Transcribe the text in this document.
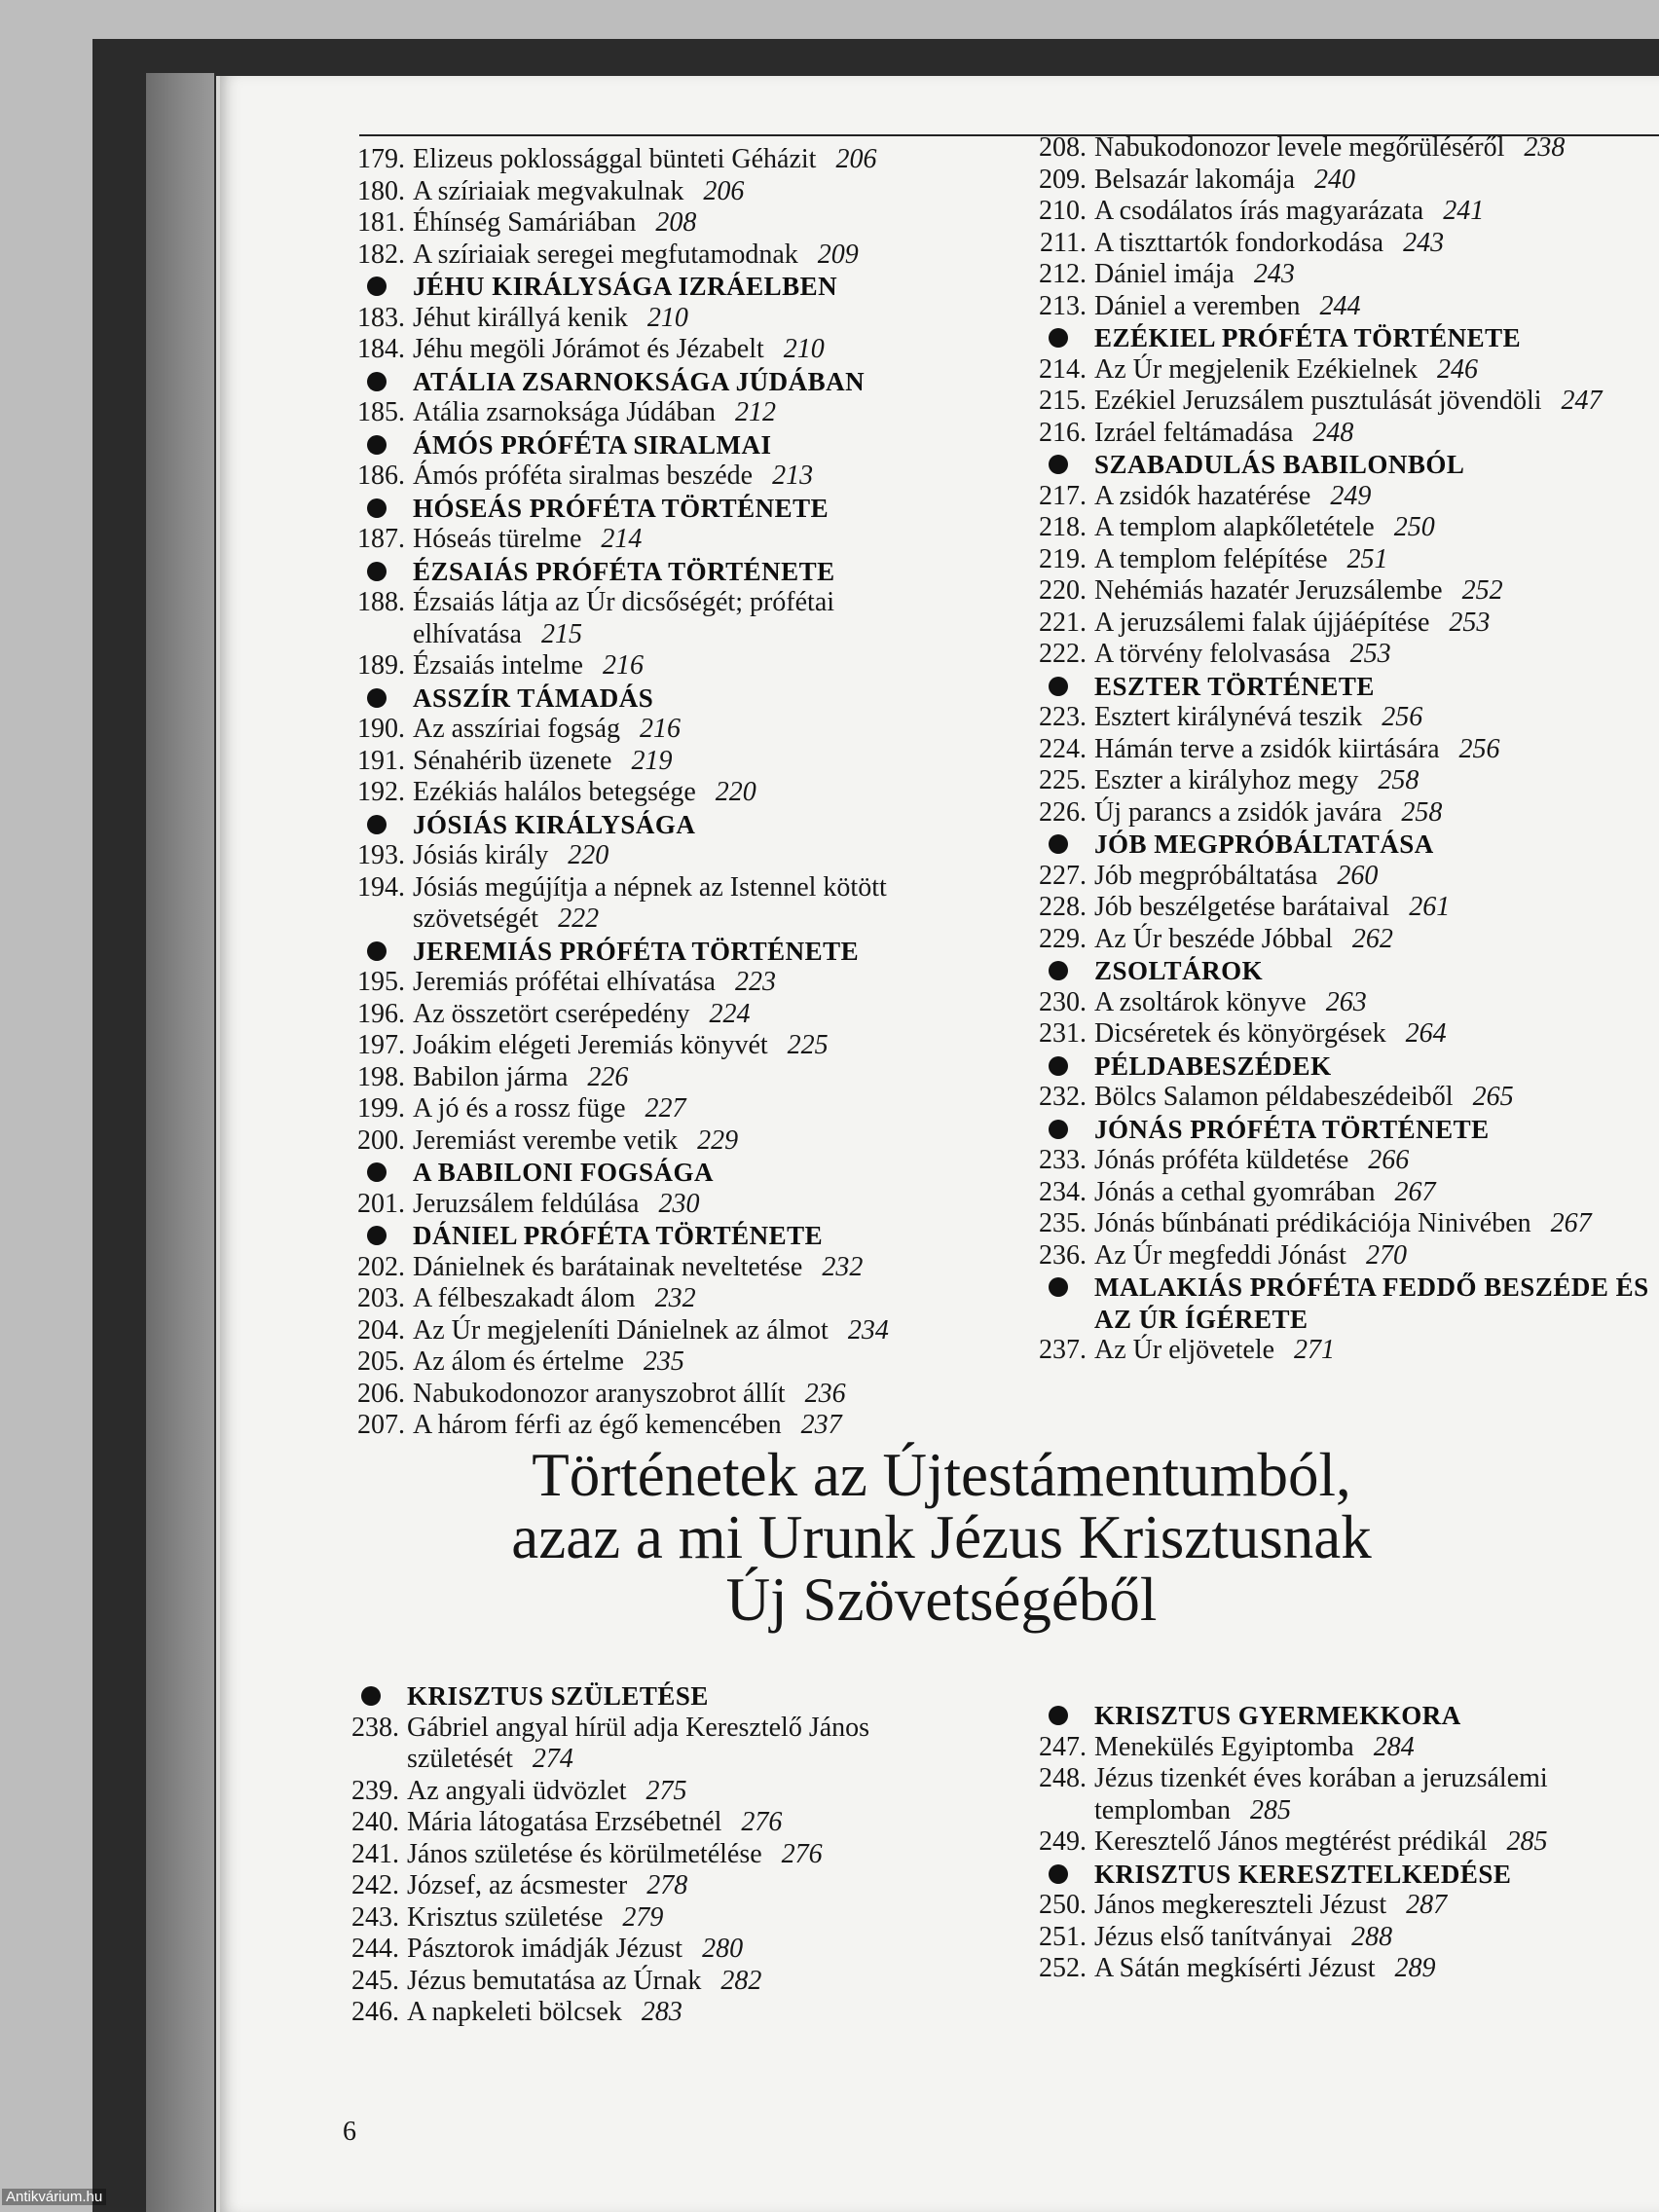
179. Elizeus poklossággal bünteti Géházit 206
180. A szíriaiak megvakulnak 206
181. Éhínség Samáriában 208
182. A szíriaiak seregei megfutamodnak 209
JÉHU KIRÁLYSÁGA IZRÁELBEN
183. Jéhut királlyá kenik 210
184. Jéhu megöli Jórámot és Jézabelt 210
ATÁLIA ZSARNOKSÁGA JÚDÁBAN
185. Atália zsarnoksága Júdában 212
ÁMÓS PRÓFÉTA SIRALMAI
186. Ámós próféta siralmas beszéde 213
HÓSEÁS PRÓFÉTA TÖRTÉNETE
187. Hóseás türelme 214
ÉZSAIÁS PRÓFÉTA TÖRTÉNETE
188. Ézsaiás látja az Úr dicsőségét; prófétai elhívatása 215
189. Ézsaiás intelme 216
ASSZÍR TÁMADÁS
190. Az asszíriai fogság 216
191. Sénahérib üzenete 219
192. Ezékiás halálos betegsége 220
JÓSIÁS KIRÁLYSÁGA
193. Jósiás király 220
194. Jósiás megújítja a népnek az Istennel kötött szövetségét 222
JEREMIÁS PRÓFÉTA TÖRTÉNETE
195. Jeremiás prófétai elhívatása 223
196. Az összetört cserépedény 224
197. Joákim elégeti Jeremiás könyvét 225
198. Babilon járma 226
199. A jó és a rossz füge 227
200. Jeremiást verembe vetik 229
A BABILONI FOGSÁGA
201. Jeruzsálem feldúlása 230
DÁNIEL PRÓFÉTA TÖRTÉNETE
202. Dánielnek és barátainak neveltetése 232
203. A félbeszakadt álom 232
204. Az Úr megjeleníti Dánielnek az álmot 234
205. Az álom és értelme 235
206. Nabukodonozor aranyszobrot állít 236
207. A három férfi az égő kemencében 237
208. Nabukodonozor levele megőrüléséről 238
209. Belsazár lakomája 240
210. A csodálatos írás magyarázata 241
211. A tiszttartók fondorkodása 243
212. Dániel imája 243
213. Dániel a veremben 244
EZÉKIEL PRÓFÉTA TÖRTÉNETE
214. Az Úr megjelenik Ezékielnek 246
215. Ezékiel Jeruzsálem pusztulását jövendöli 247
216. Izráel feltámadása 248
SZABADULÁS BABILONBÓL
217. A zsidók hazatérése 249
218. A templom alapkőletétele 250
219. A templom felépítése 251
220. Nehémiás hazatér Jeruzsálembe 252
221. A jeruzsálemi falak újjáépítése 253
222. A törvény felolvasása 253
ESZTER TÖRTÉNETE
223. Esztert királynévá teszik 256
224. Hámán terve a zsidók kiirtására 256
225. Eszter a királyhoz megy 258
226. Új parancs a zsidók javára 258
JÓB MEGPRÓBÁLTATÁSA
227. Jób megpróbáltatása 260
228. Jób beszélgetése barátaival 261
229. Az Úr beszéde Jóbbal 262
ZSOLTÁROK
230. A zsoltárok könyve 263
231. Dicséretek és könyörgések 264
PÉLDABESZÉDEK
232. Bölcs Salamon példabeszédeiből 265
JÓNÁS PRÓFÉTA TÖRTÉNETE
233. Jónás próféta küldetése 266
234. Jónás a cethal gyomrában 267
235. Jónás bűnbánati prédikációja Ninivében 267
236. Az Úr megfeddi Jónást 270
MALAKIÁS PRÓFÉTA FEDDŐ BESZÉDE ÉS AZ ÚR ÍGÉRETE
237. Az Úr eljövetele 271
Történetek az Újtestámentumból,
azaz a mi Urunk Jézus Krisztusnak
Új Szövetségéből
KRISZTUS SZÜLETÉSE
238. Gábriel angyal hírül adja Keresztelő János születését 274
239. Az angyali üdvözlet 275
240. Mária látogatása Erzsébetnél 276
241. János születése és körülmetélése 276
242. József, az ácsmester 278
243. Krisztus születése 279
244. Pásztorok imádják Jézust 280
245. Jézus bemutatása az Úrnak 282
246. A napkeleti bölcsek 283
KRISZTUS GYERMEKKORA
247. Menekülés Egyiptomba 284
248. Jézus tizenkét éves korában a jeruzsálemi templomban 285
249. Keresztelő János megtérést prédikál 285
KRISZTUS KERESZTELKEDÉSE
250. János megkereszteli Jézust 287
251. Jézus első tanítványai 288
252. A Sátán megkísérti Jézust 289
6
Antikvárium.hu
